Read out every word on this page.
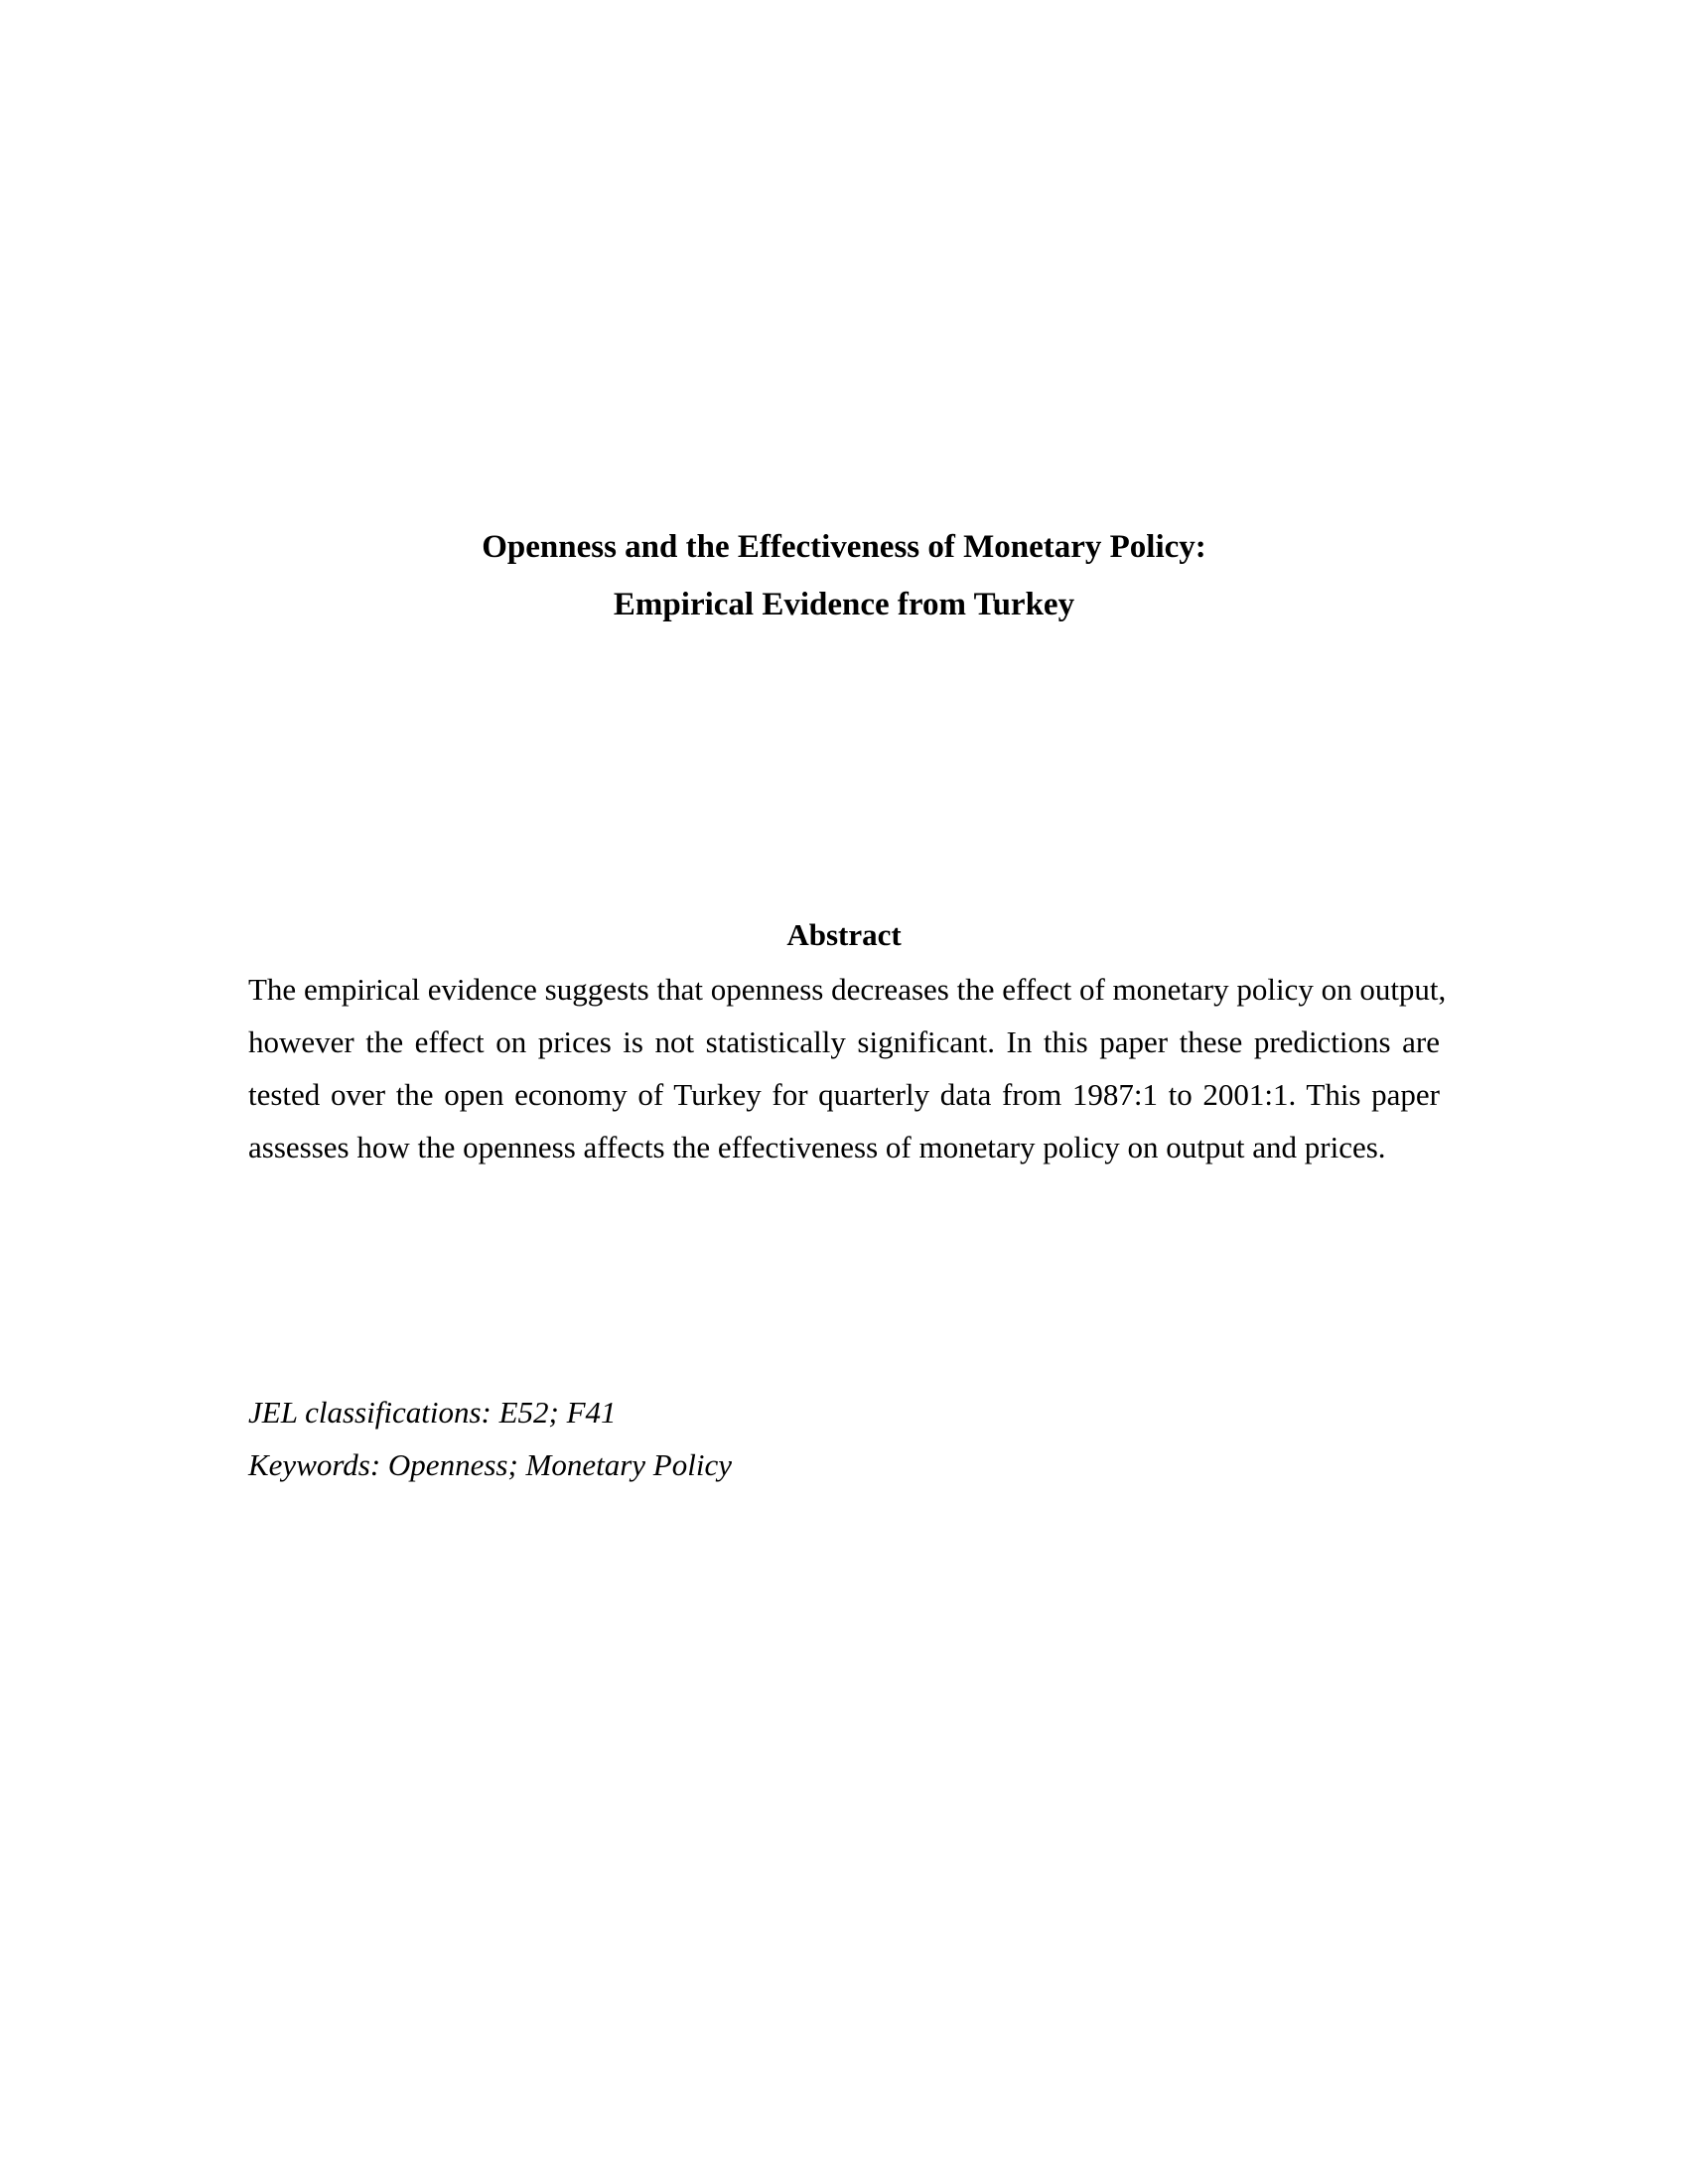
Openness and the Effectiveness of Monetary Policy:
Empirical Evidence from Turkey
Abstract
The empirical evidence suggests that openness decreases the effect of monetary policy on output,
however the effect on prices is not statistically significant. In this paper these predictions are
tested over the open economy of Turkey for quarterly data from 1987:1 to 2001:1. This paper
assesses how the openness affects the effectiveness of monetary policy on output and prices.
JEL classifications: E52; F41
Keywords: Openness; Monetary Policy
